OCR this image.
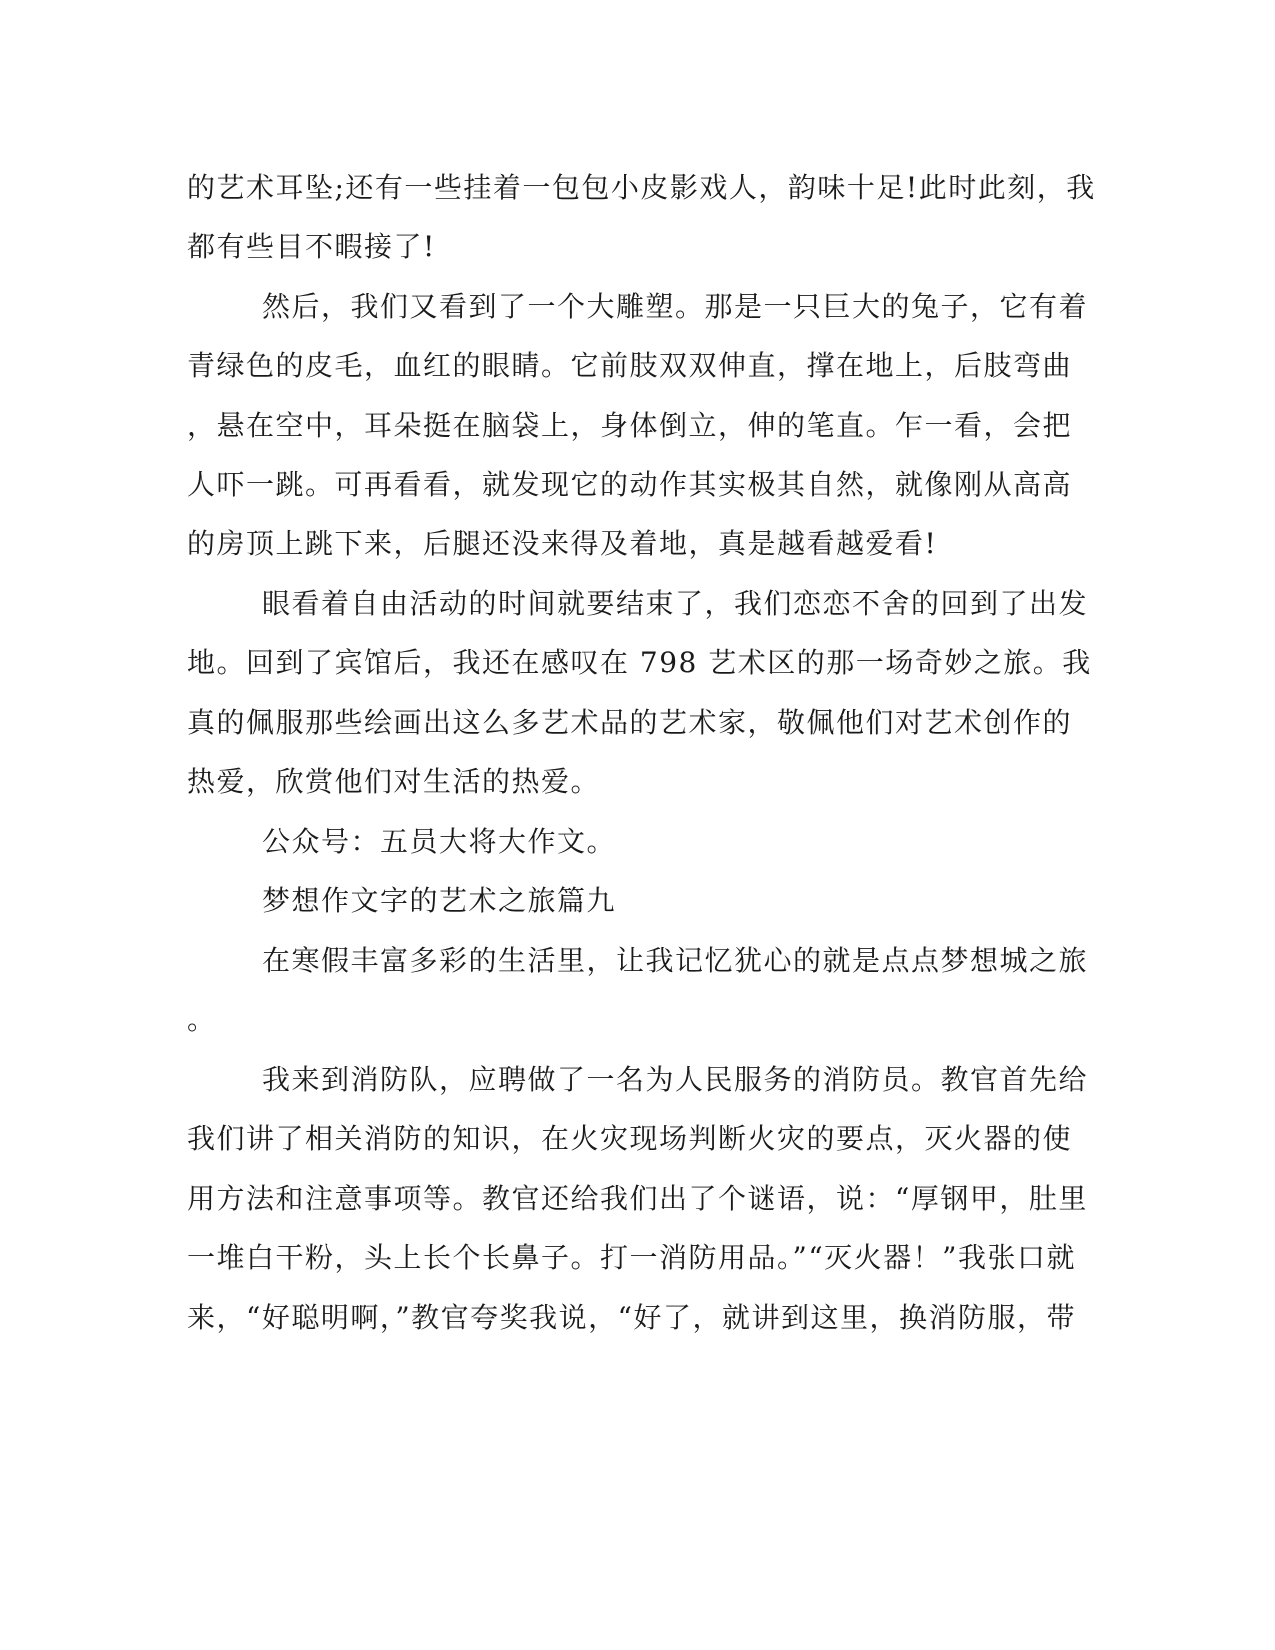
的艺术耳坠;还有一些挂着一包包小皮影戏人，韵味十足!此时此刻，我
都有些目不暇接了!
然后，我们又看到了一个大雕塑。那是一只巨大的兔子，它有着
青绿色的皮毛，血红的眼睛。它前肢双双伸直，撑在地上，后肢弯曲
，悬在空中，耳朵挺在脑袋上，身体倒立，伸的笔直。乍一看，会把
人吓一跳。可再看看，就发现它的动作其实极其自然，就像刚从高高
的房顶上跳下来，后腿还没来得及着地，真是越看越爱看!
眼看着自由活动的时间就要结束了，我们恋恋不舍的回到了出发
地。回到了宾馆后，我还在感叹在 798 艺术区的那一场奇妙之旅。我
真的佩服那些绘画出这么多艺术品的艺术家，敬佩他们对艺术创作的
热爱，欣赏他们对生活的热爱。
公众号：五员大将大作文。
梦想作文字的艺术之旅篇九
在寒假丰富多彩的生活里，让我记忆犹心的就是点点梦想城之旅
。
我来到消防队，应聘做了一名为人民服务的消防员。教官首先给
我们讲了相关消防的知识，在火灾现场判断火灾的要点，灭火器的使
用方法和注意事项等。教官还给我们出了个谜语，说：“厚钢甲，肚里
一堆白干粉，头上长个长鼻子。打一消防用品。”“灭火器！”我张口就
来，“好聪明啊，”教官夸奖我说，“好了，就讲到这里，换消防服，带
